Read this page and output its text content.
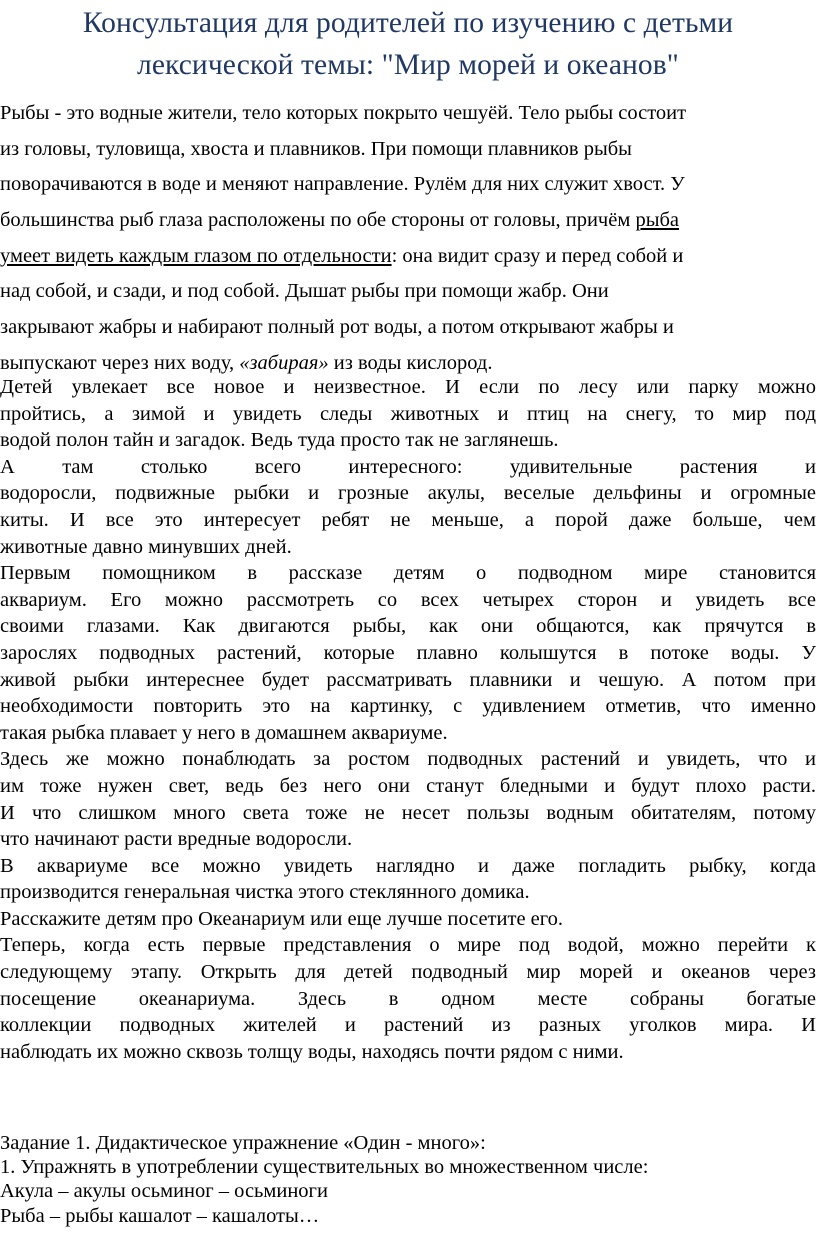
Консультация для родителей по изучению с детьми
лексической темы: "Мир морей и океанов"
Рыбы - это водные жители, тело которых покрыто чешуёй. Тело рыбы состоит
из головы, туловища, хвоста и плавников. При помощи плавников рыбы
поворачиваются в воде и меняют направление. Рулём для них служит хвост. У
большинства рыб глаза расположены по обе стороны от головы, причём рыба
умеет видеть каждым глазом по отдельности: она видит сразу и перед собой и
над собой, и сзади, и под собой. Дышат рыбы при помощи жабр. Они
закрывают жабры и набирают полный рот воды, а потом открывают жабры и
выпускают через них воду, «забирая» из воды кислород.
Детей увлекает все новое и неизвестное. И если по лесу или парку можно
пройтись, а зимой и увидеть следы животных и птиц на снегу, то мир под
водой полон тайн и загадок. Ведь туда просто так не заглянешь.
А там столько всего интересного: удивительные растения и
водоросли, подвижные рыбки и грозные акулы, веселые дельфины и огромные
киты. И все это интересует ребят не меньше, а порой даже больше, чем
животные давно минувших дней.
Первым помощником в рассказе детям о подводном мире становится
аквариум. Его можно рассмотреть со всех четырех сторон и увидеть все
своими глазами. Как двигаются рыбы, как они общаются, как прячутся в
зарослях подводных растений, которые плавно колышутся в потоке воды. У
живой рыбки интереснее будет рассматривать плавники и чешую. А потом при
необходимости повторить это на картинку, с удивлением отметив, что именно
такая рыбка плавает у него в домашнем аквариуме.
Здесь же можно понаблюдать за ростом подводных растений и увидеть, что и
им тоже нужен свет, ведь без него они станут бледными и будут плохо расти.
И что слишком много света тоже не несет пользы водным обитателям, потому
что начинают расти вредные водоросли.
В аквариуме все можно увидеть наглядно и даже погладить рыбку, когда
производится генеральная чистка этого стеклянного домика.
Расскажите детям про Океанариум или еще лучше посетите его.
Теперь, когда есть первые представления о мире под водой, можно перейти к
следующему этапу. Открыть для детей подводный мир морей и океанов через
посещение океанариума. Здесь в одном месте собраны богатые
коллекции подводных жителей и растений из разных уголков мира. И
наблюдать их можно сквозь толщу воды, находясь почти рядом с ними.
Задание 1. Дидактическое упражнение «Один - много»:
1. Упражнять в употреблении существительных во множественном числе:
Акула – акулы осьминог – осьминоги
Рыба – рыбы кашалот – кашалоты…
